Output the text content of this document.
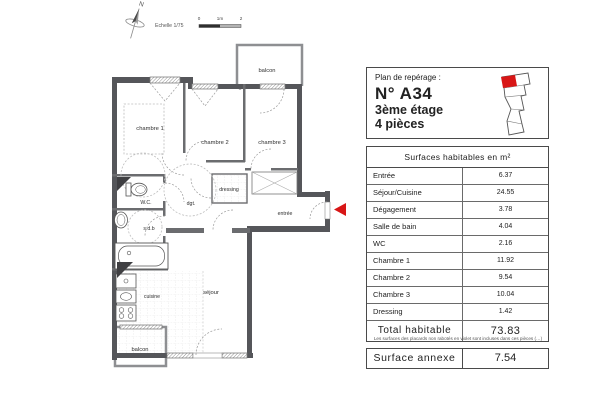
N
Echelle 1/75
0	1m	2
chambre 1
chambre 2	chambre 3
balcon
balcon
W.C.
s.d.b
dgt.
dressing
entrée
séjour
cuisine
Plan de repérage :
N° A34
3ème étage
4 pièces
Surfaces habitables en m²
Entrée	6.37
Séjour/Cuisine	24.55
Dégagement	3.78
Salle de bain	4.04
WC	2.16
Chambre 1	11.92
Chambre 2	9.54
Chambre 3	10.04
Dressing	1.42
Total habitable	73.83
Les surfaces des placards non rabotés en violet sont incluses dans ces pièces (…)
Surface annexe	7.54
